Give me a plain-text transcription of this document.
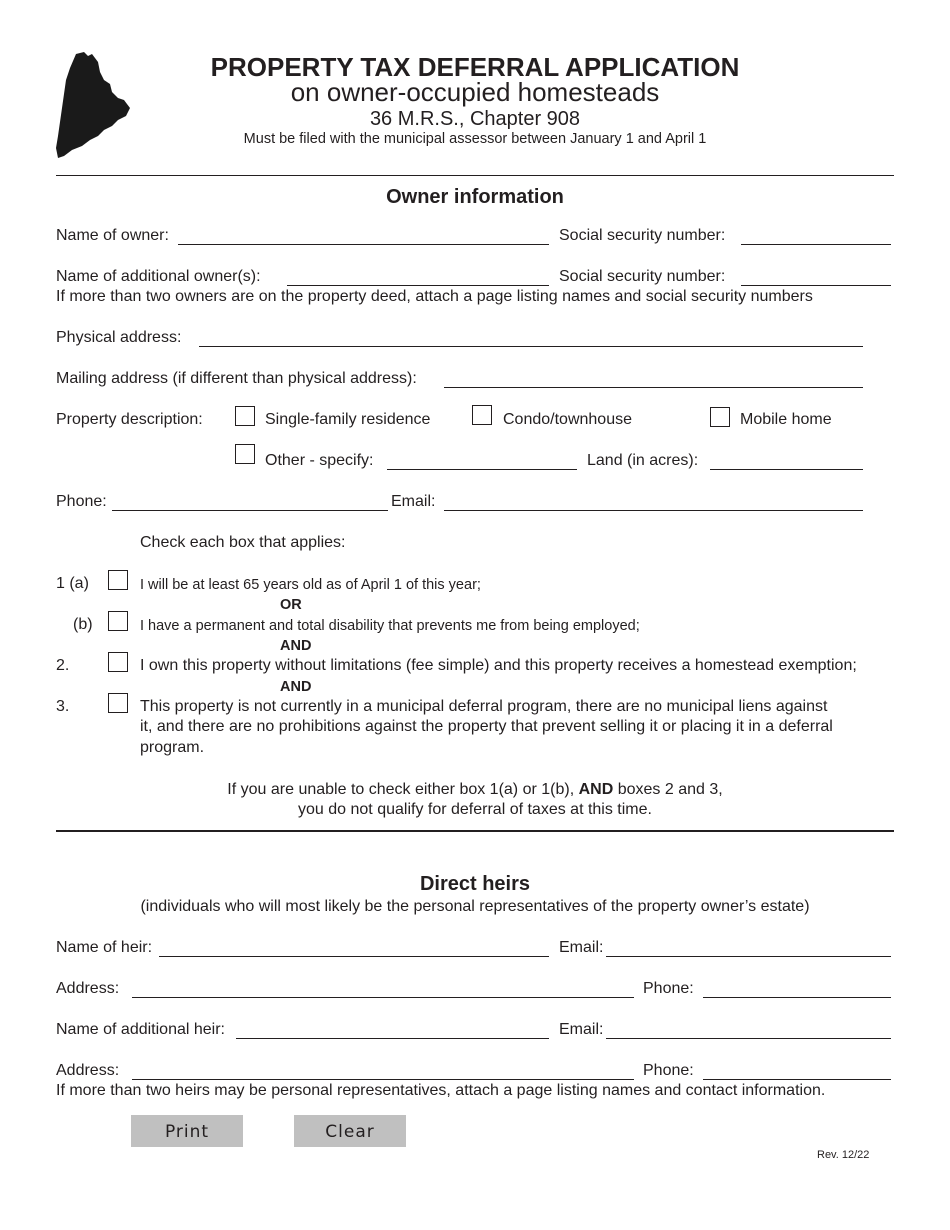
PROPERTY TAX DEFERRAL APPLICATION
on owner-occupied homesteads
36 M.R.S., Chapter 908
Must be filed with the municipal assessor between January 1 and April 1
Owner information
Name of owner:	Social security number:
Name of additional owner(s):	Social security number:
If more than two owners are on the property deed, attach a page listing names and social security numbers
Physical address:
Mailing address (if different than physical address):
Property description:	Single-family residence	Condo/townhouse	Mobile home
Other - specify:	Land (in acres):
Phone:	Email:
Check each box that applies:
1 (a)	I will be at least 65 years old as of April 1 of this year;
OR
(b)	I have a permanent and total disability that prevents me from being employed;
AND
2.	I own this property without limitations (fee simple) and this property receives a homestead exemption;
AND
3.	This property is not currently in a municipal deferral program, there are no municipal liens against
it, and there are no prohibitions against the property that prevent selling it or placing it in a deferral
program.
If you are unable to check either box 1(a) or 1(b), AND boxes 2 and 3,
you do not qualify for deferral of taxes at this time.
Direct heirs
(individuals who will most likely be the personal representatives of the property owner’s estate)
Name of heir:	Email:
Address:	Phone:
Name of additional heir:	Email:
Address:	Phone:
If more than two heirs may be personal representatives, attach a page listing names and contact information.
Print	Clear
Rev. 12/22
